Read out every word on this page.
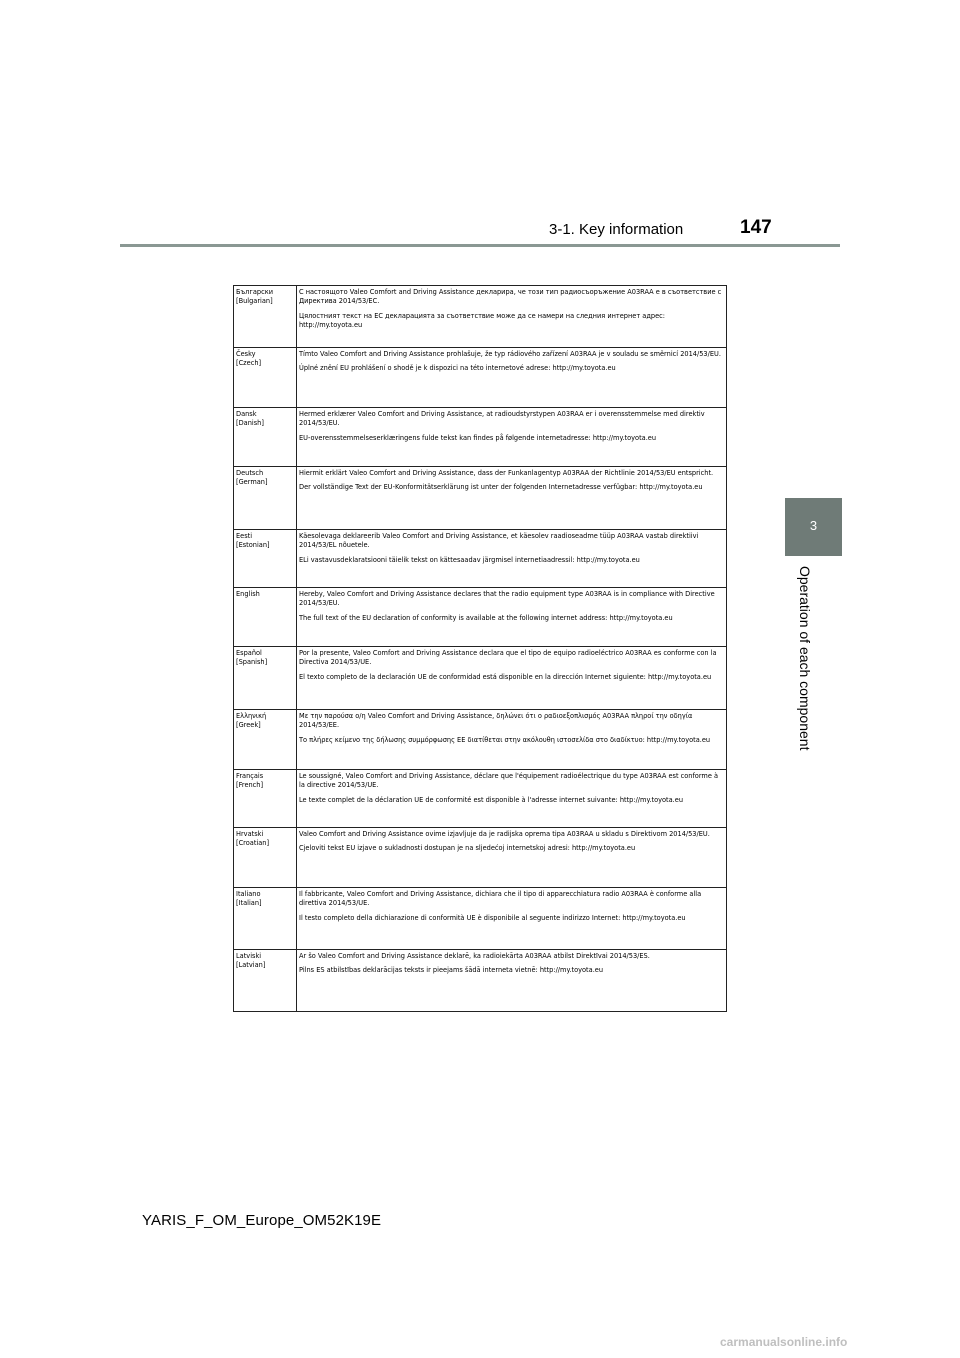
3-1. Key information	147
3
Operation of each component
Български
[Bulgarian]

С настоящото Valeo Comfort and Driving Assistance декларира, че този тип радиосъоръжение A03RAA е в съответствие с Директива 2014/53/ЕС.

Цялостният текст на ЕС декларацията за съответствие може да се намери на следния интернет адрес: http://my.toyota.eu

Česky
[Czech]

Tímto Valeo Comfort and Driving Assistance prohlašuje, že typ rádiového zařízení A03RAA je v souladu se směrnicí 2014/53/EU.

Úplné znění EU prohlášení o shodě je k dispozici na této internetové adrese: http://my.toyota.eu

Dansk
[Danish]

Hermed erklærer Valeo Comfort and Driving Assistance, at radioudstyrstypen A03RAA er i overensstemmelse med direktiv 2014/53/EU.

EU-overensstemmelseserklæringens fulde tekst kan findes på følgende internetadresse: http://my.toyota.eu

Deutsch
[German]

Hiermit erklärt Valeo Comfort and Driving Assistance, dass der Funkanlagentyp A03RAA der Richtlinie 2014/53/EU entspricht.

Der vollständige Text der EU-Konformitätserklärung ist unter der folgenden Internetadresse verfügbar: http://my.toyota.eu

Eesti
[Estonian]

Käesolevaga deklareerib Valeo Comfort and Driving Assistance, et käesolev raadioseadme tüüp A03RAA vastab direktiivi 2014/53/EL nõuetele.

ELi vastavusdeklaratsiooni täielik tekst on kättesaadav järgmisel internetiaadressil: http://my.toyota.eu

English	Hereby, Valeo Comfort and Driving Assistance declares that the radio equipment type A03RAA is in compliance with Directive 2014/53/EU.

The full text of the EU declaration of conformity is available at the following internet address: http://my.toyota.eu

Español
[Spanish]

Por la presente, Valeo Comfort and Driving Assistance declara que el tipo de equipo radioeléctrico A03RAA es conforme con la Directiva 2014/53/UE.

El texto completo de la declaración UE de conformidad está disponible en la dirección Internet siguiente: http://my.toyota.eu

Ελληνική
[Greek]

Με την παρούσα ο/η Valeo Comfort and Driving Assistance, δηλώνει ότι ο ραδιοεξοπλισμός A03RAA πληροί την οδηγία 2014/53/ΕΕ.

Το πλήρες κείμενο της δήλωσης συμμόρφωσης ΕΕ διατίθεται στην ακόλουθη ιστοσελίδα στο διαδίκτυο: http://my.toyota.eu

Français
[French]

Le soussigné, Valeo Comfort and Driving Assistance, déclare que l'équipement radioélectrique du type A03RAA est conforme à la directive 2014/53/UE.

Le texte complet de la déclaration UE de conformité est disponible à l'adresse internet suivante: http://my.toyota.eu

Hrvatski
[Croatian]

Valeo Comfort and Driving Assistance ovime izjavljuje da je radijska oprema tipa A03RAA u skladu s Direktivom 2014/53/EU.

Cjeloviti tekst EU izjave o sukladnosti dostupan je na sljedećoj internetskoj adresi: http://my.toyota.eu

Italiano
[Italian]

Il fabbricante, Valeo Comfort and Driving Assistance, dichiara che il tipo di apparecchiatura radio A03RAA è conforme alla direttiva 2014/53/UE.

Il testo completo della dichiarazione di conformità UE è disponibile al seguente indirizzo Internet: http://my.toyota.eu

Latviski
[Latvian]

Ar šo Valeo Comfort and Driving Assistance deklarē, ka radioiekārta A03RAA atbilst Direktīvai 2014/53/ES.

Pilns ES atbilstības deklarācijas teksts ir pieejams šādā interneta vietnē: http://my.toyota.eu

YARIS_F_OM_Europe_OM52K19E
carmanualsonline.info
